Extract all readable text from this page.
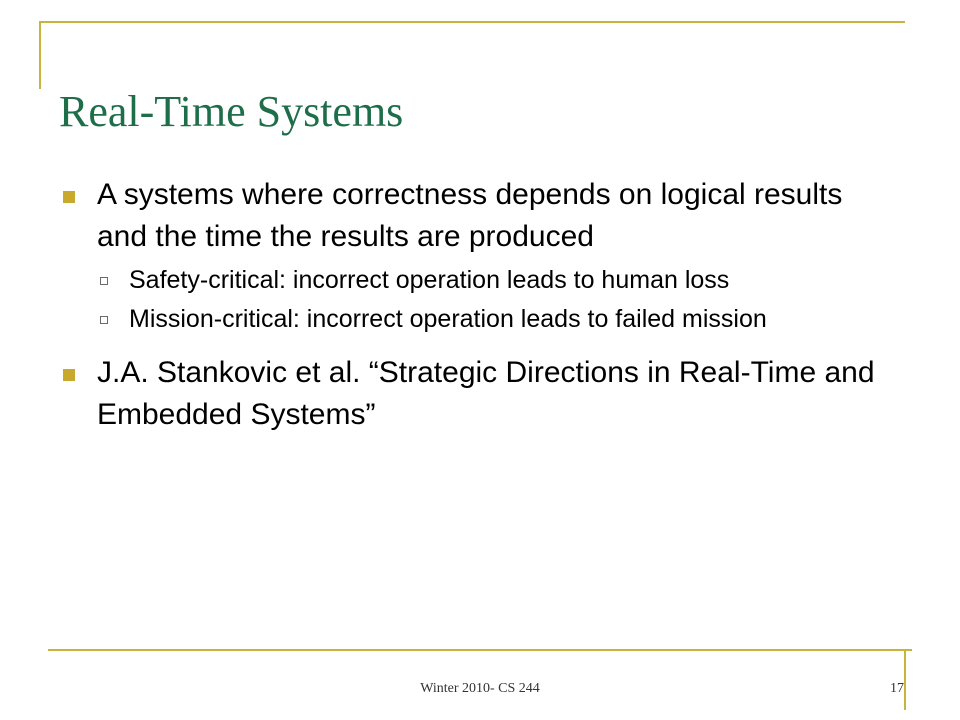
Real-Time Systems
A systems where correctness depends on logical results and the time the results are produced
Safety-critical: incorrect operation leads to human loss
Mission-critical: incorrect operation leads to failed mission
J.A. Stankovic et al. “Strategic Directions in Real-Time and Embedded Systems”
Winter 2010- CS 244	17
